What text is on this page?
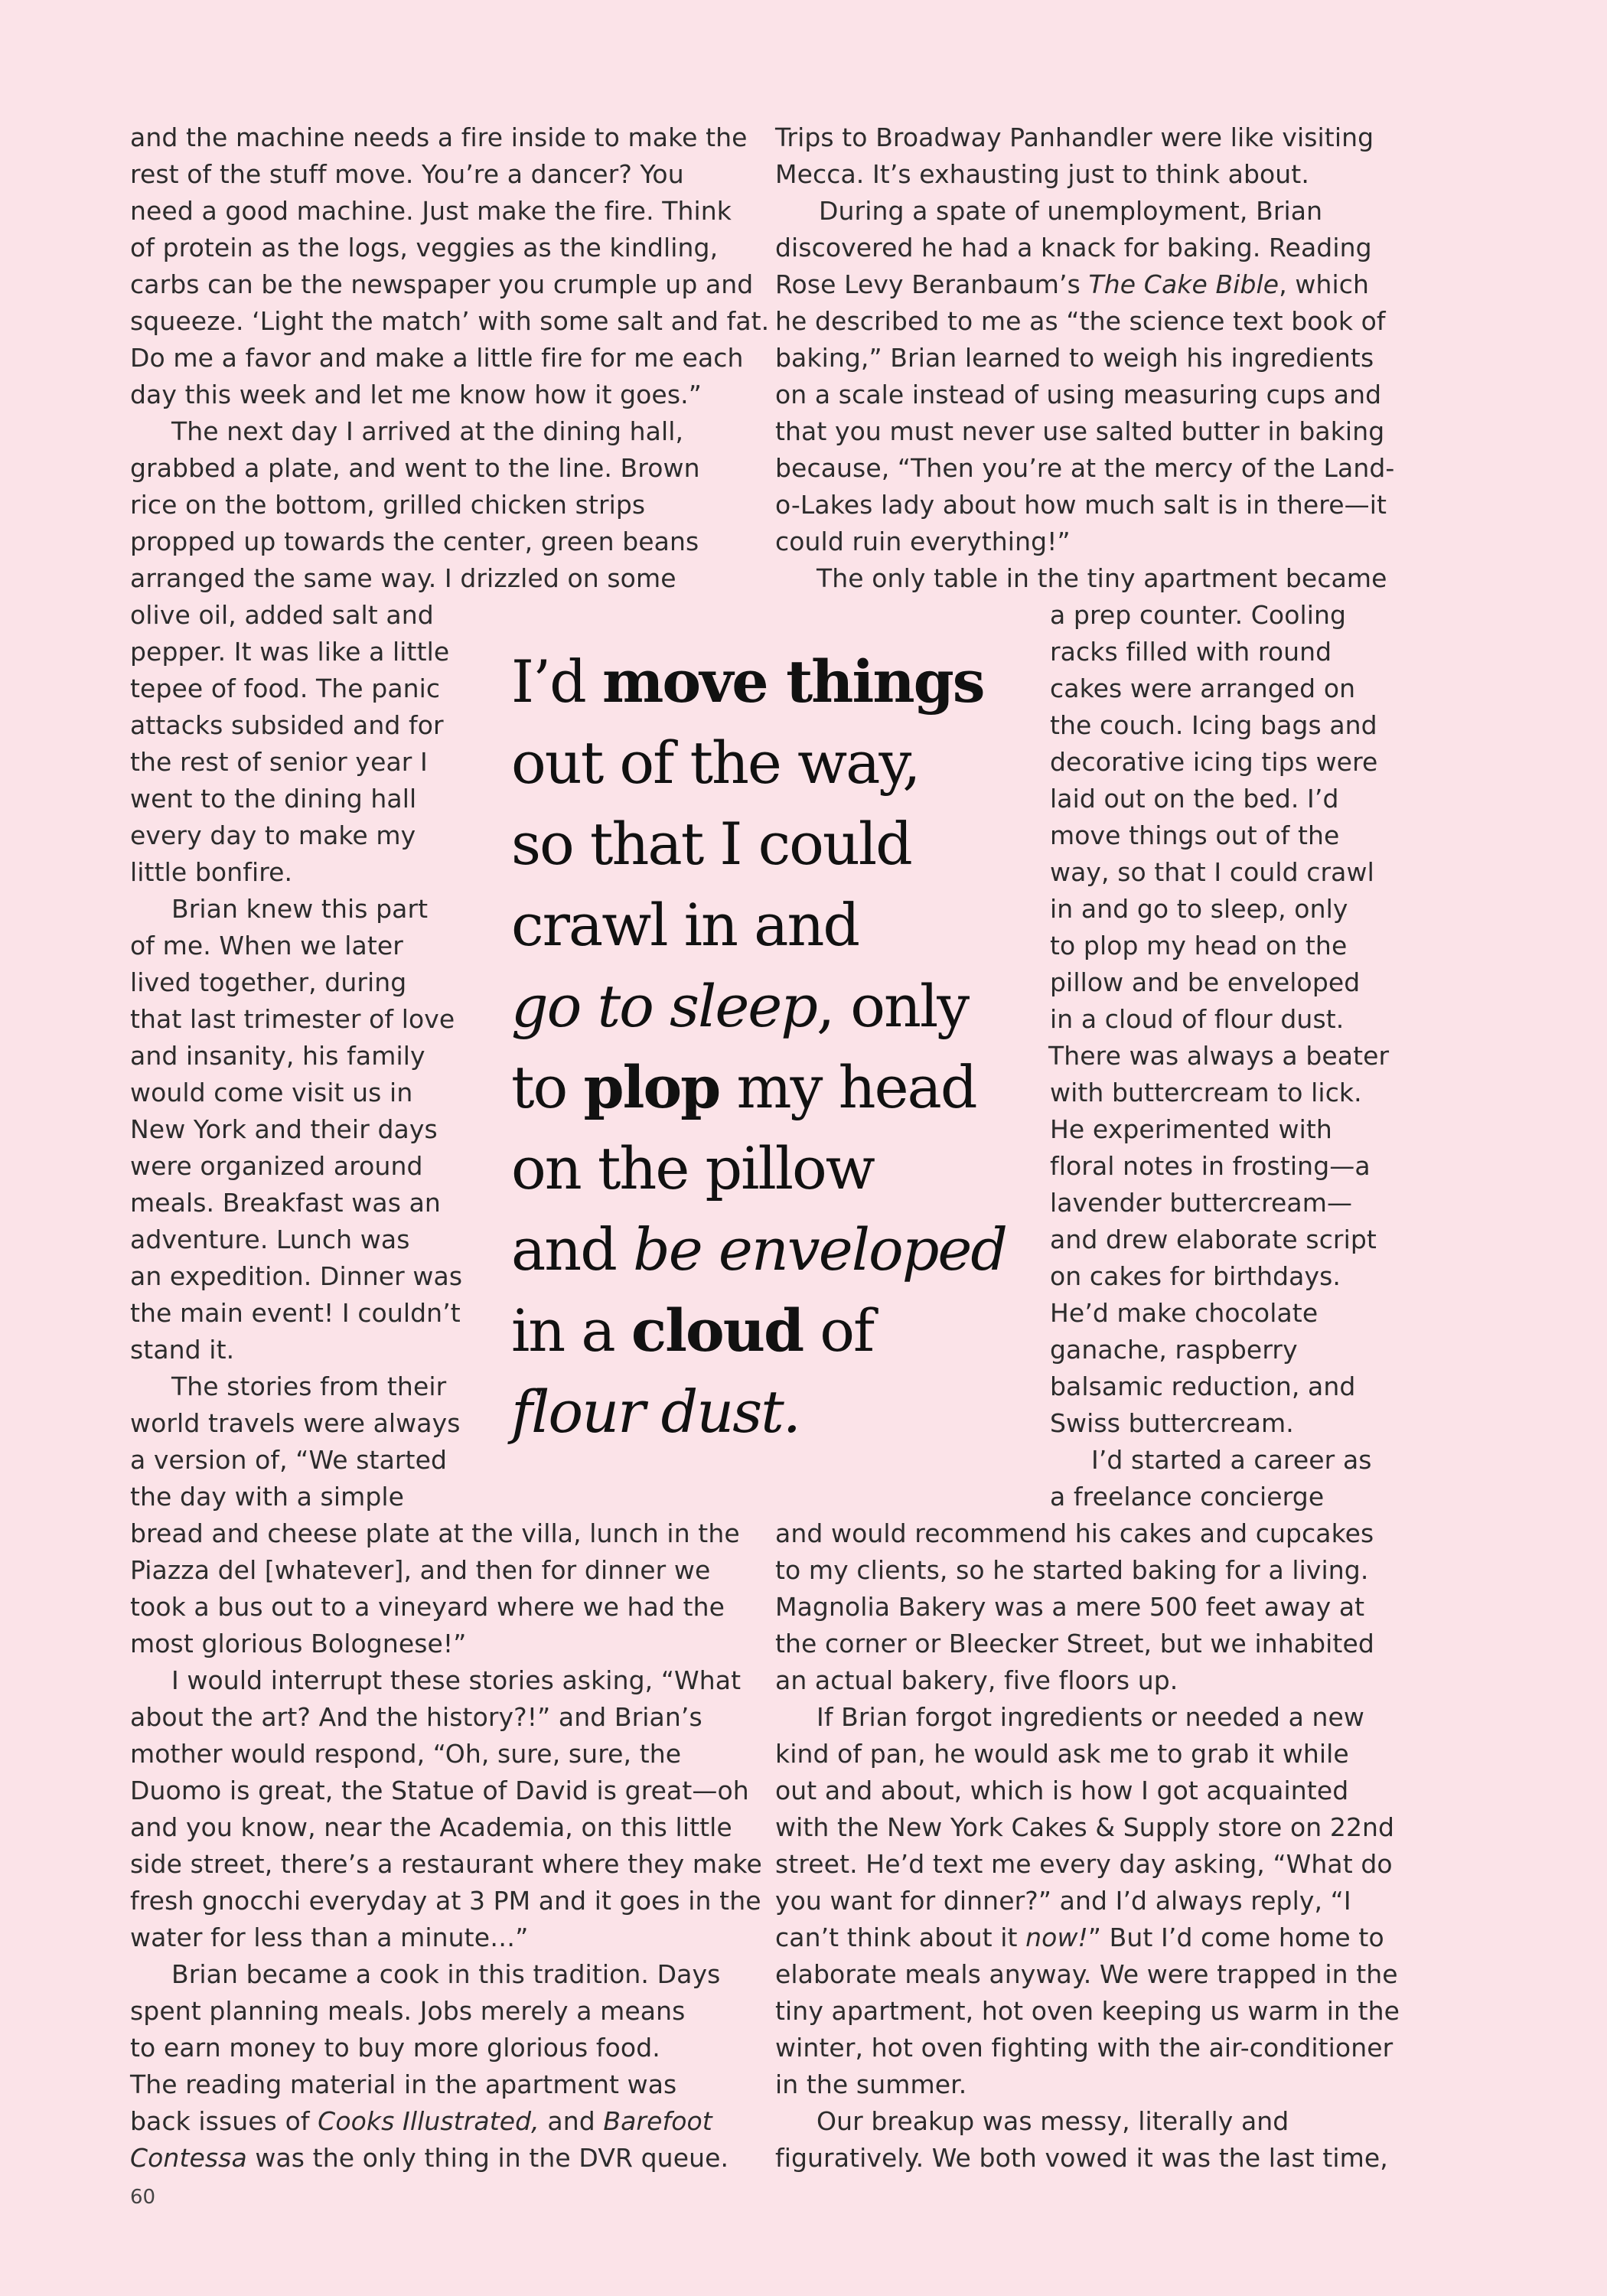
and the machine needs a fire inside to make the
rest of the stuff move. You’re a dancer? You
need a good machine. Just make the fire. Think
of protein as the logs, veggies as the kindling,
carbs can be the newspaper you crumple up and
squeeze. ‘Light the match’ with some salt and fat.
Do me a favor and make a little fire for me each
day this week and let me know how it goes.”
The next day I arrived at the dining hall,
grabbed a plate, and went to the line. Brown
rice on the bottom, grilled chicken strips
propped up towards the center, green beans
arranged the same way. I drizzled on some
olive oil, added salt and
pepper. It was like a little
tepee of food. The panic
attacks subsided and for
the rest of senior year I
went to the dining hall
every day to make my
little bonfire.
Brian knew this part
of me. When we later
lived together, during
that last trimester of love
and insanity, his family
would come visit us in
New York and their days
were organized around
meals. Breakfast was an
adventure. Lunch was
an expedition. Dinner was
the main event! I couldn’t
stand it.
The stories from their
world travels were always
a version of, “We started
the day with a simple
bread and cheese plate at the villa, lunch in the
Piazza del [whatever], and then for dinner we
took a bus out to a vineyard where we had the
most glorious Bolognese!”
I would interrupt these stories asking, “What
about the art? And the history?!” and Brian’s
mother would respond, “Oh, sure, sure, the
Duomo is great, the Statue of David is great—oh
and you know, near the Academia, on this little
side street, there’s a restaurant where they make
fresh gnocchi everyday at 3 PM and it goes in the
water for less than a minute…”
Brian became a cook in this tradition. Days
spent planning meals. Jobs merely a means
to earn money to buy more glorious food.
The reading material in the apartment was
back issues of Cooks Illustrated, and Barefoot
Contessa was the only thing in the DVR queue.
Trips to Broadway Panhandler were like visiting
Mecca. It’s exhausting just to think about.
During a spate of unemployment, Brian
discovered he had a knack for baking. Reading
Rose Levy Beranbaum’s The Cake Bible, which
he described to me as “the science text book of
baking,” Brian learned to weigh his ingredients
on a scale instead of using measuring cups and
that you must never use salted butter in baking
because, “Then you’re at the mercy of the Land-
o-Lakes lady about how much salt is in there—it
could ruin everything!”
The only table in the tiny apartment became
a prep counter. Cooling
racks filled with round
cakes were arranged on
the couch. Icing bags and
decorative icing tips were
laid out on the bed. I’d
move things out of the
way, so that I could crawl
in and go to sleep, only
to plop my head on the
pillow and be enveloped
in a cloud of flour dust.
There was always a beater
with buttercream to lick.
He experimented with
floral notes in frosting—a
lavender buttercream—
and drew elaborate script
on cakes for birthdays.
He’d make chocolate
ganache, raspberry
balsamic reduction, and
Swiss buttercream.
I’d started a career as
a freelance concierge
and would recommend his cakes and cupcakes
to my clients, so he started baking for a living.
Magnolia Bakery was a mere 500 feet away at
the corner or Bleecker Street, but we inhabited
an actual bakery, five floors up.
If Brian forgot ingredients or needed a new
kind of pan, he would ask me to grab it while
out and about, which is how I got acquainted
with the New York Cakes & Supply store on 22nd
street. He’d text me every day asking, “What do
you want for dinner?” and I’d always reply, “I
can’t think about it now!” But I’d come home to
elaborate meals anyway. We were trapped in the
tiny apartment, hot oven keeping us warm in the
winter, hot oven fighting with the air-conditioner
in the summer.
Our breakup was messy, literally and
figuratively. We both vowed it was the last time,
I’d move things
out of the way,
so that I could
crawl in and
go to sleep, only
to plop my head
on the pillow
and be enveloped
in a cloud of
flour dust.
60
